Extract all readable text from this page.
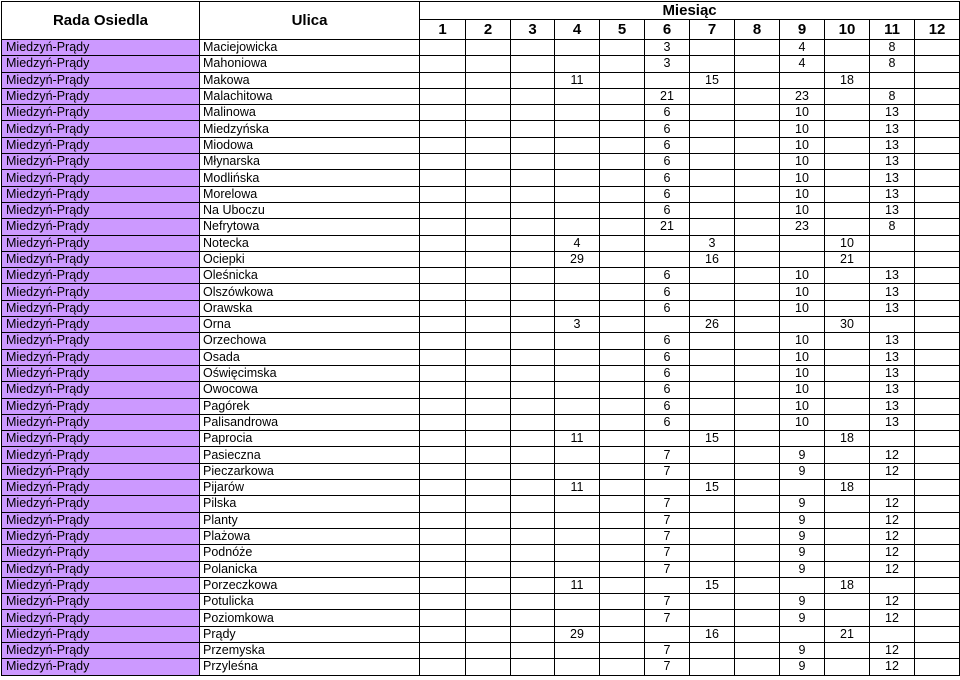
Rada Osiedla	Ulica	Miesiąc											
		1	2	3	4	5	6	7	8	9	10	11	12
Miedzyń-Prądy	Maciejowicka						3			4		8	
Miedzyń-Prądy	Mahoniowa						3			4		8	
Miedzyń-Prądy	Makowa				11			15			18		
Miedzyń-Prądy	Malachitowa						21			23		8	
Miedzyń-Prądy	Malinowa						6			10		13	
Miedzyń-Prądy	Miedzyńska						6			10		13	
Miedzyń-Prądy	Miodowa						6			10		13	
Miedzyń-Prądy	Młynarska						6			10		13	
Miedzyń-Prądy	Modlińska						6			10		13	
Miedzyń-Prądy	Morelowa						6			10		13	
Miedzyń-Prądy	Na Uboczu						6			10		13	
Miedzyń-Prądy	Nefrytowa						21			23		8	
Miedzyń-Prądy	Notecka				4			3			10		
Miedzyń-Prądy	Ociepki				29			16			21		
Miedzyń-Prądy	Oleśnicka						6			10		13	
Miedzyń-Prądy	Olszówkowa						6			10		13	
Miedzyń-Prądy	Orawska						6			10		13	
Miedzyń-Prądy	Orna				3			26			30		
Miedzyń-Prądy	Orzechowa						6			10		13	
Miedzyń-Prądy	Osada						6			10		13	
Miedzyń-Prądy	Oświęcimska						6			10		13	
Miedzyń-Prądy	Owocowa						6			10		13	
Miedzyń-Prądy	Pagórek						6			10		13	
Miedzyń-Prądy	Palisandrowa						6			10		13	
Miedzyń-Prądy	Paprocia				11			15			18		
Miedzyń-Prądy	Pasieczna						7			9		12	
Miedzyń-Prądy	Pieczarkowa						7			9		12	
Miedzyń-Prądy	Pijarów				11			15			18		
Miedzyń-Prądy	Pilska						7			9		12	
Miedzyń-Prądy	Planty						7			9		12	
Miedzyń-Prądy	Plażowa						7			9		12	
Miedzyń-Prądy	Podnóże						7			9		12	
Miedzyń-Prądy	Polanicka						7			9		12	
Miedzyń-Prądy	Porzeczkowa				11			15			18		
Miedzyń-Prądy	Potulicka						7			9		12	
Miedzyń-Prądy	Poziomkowa						7			9		12	
Miedzyń-Prądy	Prądy				29			16			21		
Miedzyń-Prądy	Przemyska						7			9		12	
Miedzyń-Prądy	Przyleśna						7			9		12	
